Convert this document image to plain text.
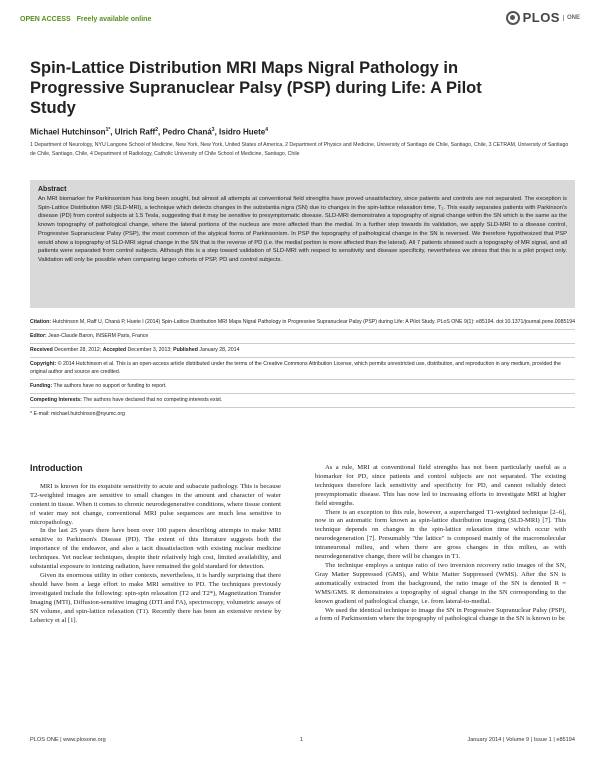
OPEN ACCESS Freely available online	PLOS	ONE
Spin-Lattice Distribution MRI Maps Nigral Pathology in Progressive Supranuclear Palsy (PSP) during Life: A Pilot Study
Michael Hutchinson$^{1*}$, Ulrich Raff$^2$, Pedro Chaná$^3$, Isidro Huete$^4$

1 Department of Neurology, NYU Langone School of Medicine, New York, New York, United States of America, 2 Department of Physics and Medicine, University of Santiago de Chile, Santiago, Chile, 3 CETRAM, University of Santiago de Chile, Santiago, Chile, 4 Department of Radiology, Catholic University of Chile School of Medicine, Santiago, Chile

Abstract

An MRI biomarker for Parkinsonism has long been sought, but almost all attempts at conventional field strengths have proved unsatisfactory, since patients and controls are not separated. The exception is Spin-Lattice Distribution MRI (SLD-MRI), a technique which detects changes in the substantia nigra (SN) due to changes in the spin-lattice relaxation time, T₁. This easily separates patients with Parkinson's disease (PD) from control subjects at 1.5 Tesla, suggesting that it may be sensitive to presymptomatic disease. SLD-MRI demonstrates a topography of signal change within the SN which is the same as the known topography of pathological change, where the lateral portions of the nucleus are more affected than the medial. In a further step towards its validation, we apply SLD-MRI to a disease control, Progressive Supranuclear Palsy (PSP), the most common of the atypical forms of Parkinsonism. In PSP the topography of pathological change in the SN is reversed. We therefore hypothesized that PSP would show a topography of SLD-MRI signal change in the SN that is the reverse of PD (i.e. the medial portion is more affected than the lateral). All 7 patients showed such a topography of MR signal, and all patients were separated from control subjects. Although this is a step toward validation of SLD-MRI with respect to sensitivity and disease specificity, nevertheless we stress that this is a pilot project only. Validation will only be possible when comparing larger cohorts of PSP, PD and control subjects.

Citation: Hutchinson M, Raff U, Chaná P, Huete I (2014) Spin-Lattice Distribution MRI Maps Nigral Pathology in Progressive Supranuclear Palsy (PSP) during Life: A Pilot Study. PLoS ONE 9(1): e85194. doi:10.1371/journal.pone.0085194
Editor: Jean-Claude Baron, INSERM Paris, France
Received December 28, 2012; Accepted December 3, 2013; Published January 28, 2014
Copyright: © 2014 Hutchinson et al. This is an open-access article distributed under the terms of the Creative Commons Attribution License, which permits unrestricted use, distribution, and reproduction in any medium, provided the original author and source are credited.
Funding: The authors have no support or funding to report.
Competing Interests: The authors have declared that no competing interests exist.
* E-mail: michael.hutchinson@nyumc.org
Introduction

MRI is known for its exquisite sensitivity to acute and subacute pathology. This is because T2-weighted images are sensitive to small changes in the amount and character of water content in tissue. When it comes to chronic neurodegenerative conditions, where tissue content of water may not change, conventional MRI pulse sequences are much less sensitive to micropathology.

In the last 25 years there have been over 100 papers describing attempts to make MRI sensitive to Parkinson's Disease (PD). The extent of this literature suggests both the importance of the endeavor, and also a tacit dissatisfaction with existing nuclear medicine techniques. Yet nuclear techniques, despite their relatively high cost, limited availability, and substantial exposure to ionizing radiation, have remained the gold standard for detection.

Given its enormous utility in other contexts, nevertheless, it is hardly surprising that there should have been a large effort to make MRI sensitive to PD. The techniques previously investigated include the following: spin-spin relaxation (T2 and T2*), Magnetization Transfer Imaging (MTI), Diffusion-sensitive imaging (DTI and FA), spectroscopy, volumetric assays of SN volume, and spin-lattice relaxation (T1). Recently there has been an extensive review by Lehericy et al [1].

As a rule, MRI at conventional field strengths has not been particularly useful as a biomarker for PD, since patients and control subjects are not separated. The existing techniques therefore lack sensitivity and specificity for PD, and cannot reliably detect presymptomatic disease. This has now led to increasing efforts to investigate MRI at higher field strengths.

There is an exception to this rule, however, a supercharged T1-weighted technique [2–6], now in an automatic form known as spin-lattice distribution imaging (SLD-MRI) [7]. This technique depends on changes in the spin-lattice relaxation time which occur with neurodegeneration [7]. Presumably "the lattice" is composed mainly of the macromolecular intraneuronal milieu, and when there are gross changes in this milieu, as with neurodegenerative change, there will be changes in T1.

The technique employs a unique ratio of two inversion recovery ratio images of the SN, Gray Matter Suppressed (GMS), and White Matter Suppressed (WMS). After the SN is automatically extracted from the background, the ratio image of the SN is denoted R = WMS/GMS. R demonstrates a topography of signal change in the SN corresponding to the known gradient of pathological change, i.e. from lateral-to-medial.

We used the identical technique to image the SN in Progressive Supranuclear Palsy (PSP), a form of Parkinsonism where the topography of pathological change in the SN is known to be

PLOS ONE | www.plosone.org	1	January 2014 | Volume 9 | Issue 1 | e85194
